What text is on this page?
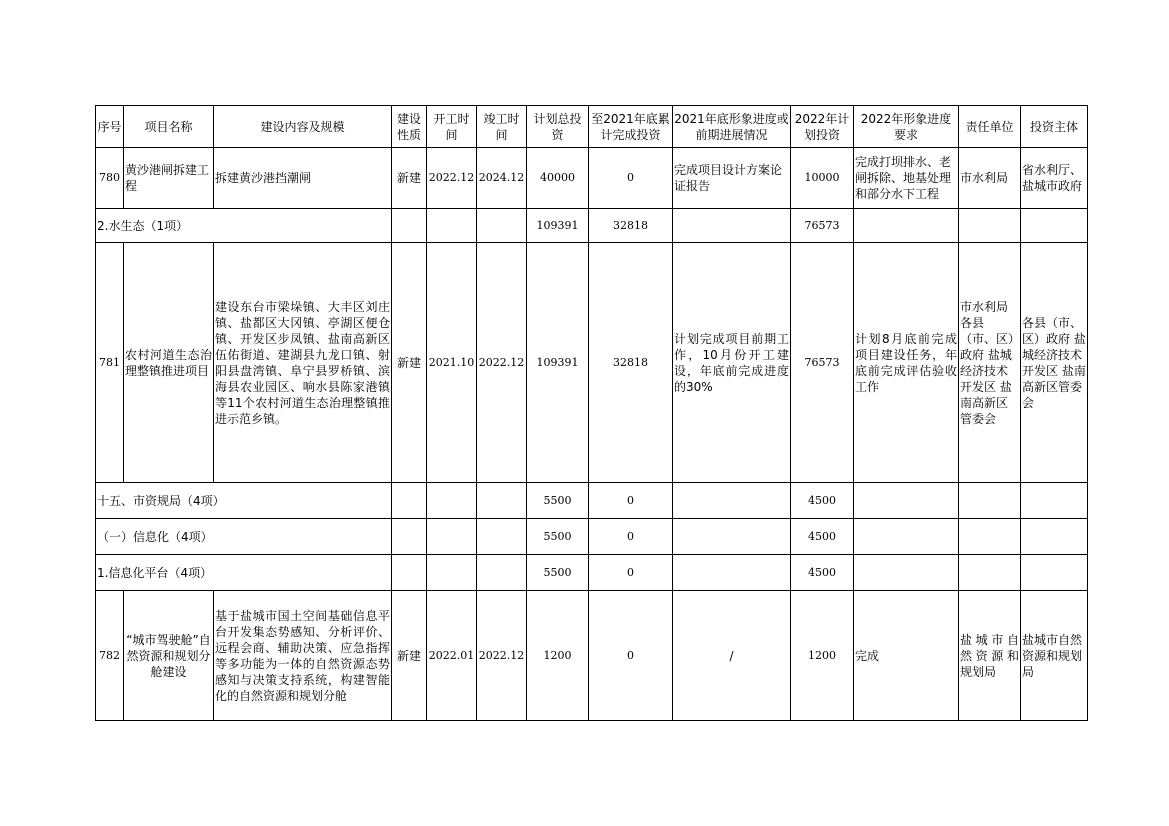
序号	项目名称	建设内容及规模	建设性质	开工时间	竣工时间	计划总投资	至2021年底累计完成投资	2021年底形象进度或前期进展情况	2022年计划投资	2022年形象进度要求	责任单位	投资主体
780	黄沙港闸拆建工程	拆建黄沙港挡潮闸	新建	2022.12	2024.12	40000	0	完成项目设计方案论证报告	10000	完成打坝排水、老闸拆除、地基处理和部分水下工程	市水利局	省水利厅、盐城市政府
2.水生态（1项）						109391	32818		76573			
781	农村河道生态治理整镇推进项目	建设东台市梁垛镇、大丰区刘庄镇、盐都区大冈镇、亭湖区便仓镇、开发区步凤镇、盐南高新区伍佑街道、建湖县九龙口镇、射阳县盘湾镇、阜宁县罗桥镇、滨海县农业园区、响水县陈家港镇等11个农村河道生态治理整镇推进示范乡镇。	新建	2021.10	2022.12	109391	32818	计划完成项目前期工作，10月份开工建设，年底前完成进度的30%	76573	计划8月底前完成项目建设任务，年底前完成评估验收工作	市水利局 各县（市、区）政府 盐城经济技术开发区 盐南高新区管委会	各县（市、区）政府 盐城经济技术开发区 盐南高新区管委会
十五、市资规局（4项）						5500	0		4500			
（一）信息化（4项）						5500	0		4500			
1.信息化平台（4项）						5500	0		4500			
782	“城市驾驶舱”自然资源和规划分舱建设	基于盐城市国土空间基础信息平台开发集态势感知、分析评价、远程会商、辅助决策、应急指挥等多功能为一体的自然资源态势感知与决策支持系统，构建智能化的自然资源和规划分舱	新建	2022.01	2022.12	1200	0	/	1200	完成	盐城市自然资源和规划局	盐城市自然资源和规划局
